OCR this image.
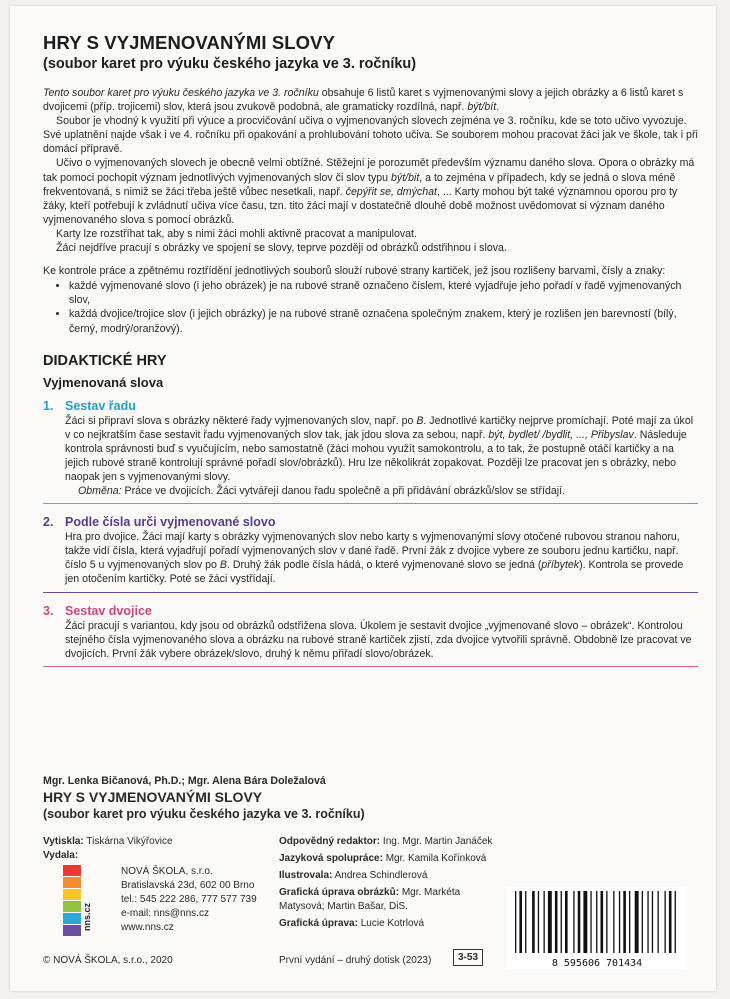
HRY S VYJMENOVANÝMI SLOVY
(soubor karet pro výuku českého jazyka ve 3. ročníku)

Tento soubor karet pro výuku českého jazyka ve 3. ročníku obsahuje 6 listů karet s vyjmenovanými slovy a jejich obrázky a 6 listů karet s dvojicemi (příp. trojicemi) slov, která jsou zvukově podobná, ale gramaticky rozdílná, např. být/bít.

Soubor je vhodný k využití při výuce a procvičování učiva o vyjmenovaných slovech zejména ve 3. ročníku, kde se toto učivo vyvozuje. Své uplatnění najde však i ve 4. ročníku při opakování a prohlubování tohoto učiva. Se souborem mohou pracovat žáci jak ve škole, tak i při domácí přípravě.

Učivo o vyjmenovaných slovech je obecně velmi obtížné. Stěžejní je porozumět především významu daného slova. Opora o obrázky má tak pomoci pochopit význam jednotlivých vyjmenovaných slov či slov typu být/bit, a to zejména v případech, kdy se jedná o slova méně frekventovaná, s nimiž se žáci třeba ještě vůbec nesetkali, např. čepýřit se, dmýchat, ... Karty mohou být také významnou oporou pro ty žáky, kteří potřebují k zvládnutí učiva více času, tzn. tito žáci mají v dostatečně dlouhé době možnost uvědomovat si význam daného vyjmenovaného slova s pomocí obrázků.

Karty lze rozstříhat tak, aby s nimi žáci mohli aktivně pracovat a manipulovat.

Žáci nejdříve pracují s obrázky ve spojení se slovy, teprve později od obrázků odstřihnou i slova.

Ke kontrole práce a zpětnému roztřídění jednotlivých souborů slouží rubové strany kartiček, jež jsou rozlišeny barvami, čísly a znaky:

• každé vyjmenované slovo (i jeho obrázek) je na rubové straně označeno číslem, které vyjadřuje jeho pořadí v řadě vyjmenovaných slov,
• každá dvojice/trojice slov (i jejich obrázky) je na rubové straně označena společným znakem, který je rozlišen jen barevností (bílý, černý, modrý/oranžový).
DIDAKTICKÉ HRY
Vyjmenovaná slova
1. Sestav řadu

Žáci si připraví slova s obrázky některé řady vyjmenovaných slov, např. po B. Jednotlivé kartičky nejprve promíchají. Poté mají za úkol v co nejkratším čase sestavit řadu vyjmenovaných slov tak, jak jdou slova za sebou, např. být, bydlet/ /bydlit, ..., Přibyslav. Následuje kontrola správnosti buď s vyučujícím, nebo samostatně (žáci mohou využít samokontrolu, a to tak, že postupně otáčí kartičky a na jejich rubové straně kontrolují správné pořadí slov/obrázků). Hru lze několikrát zopakovat. Později lze pracovat jen s obrázky, nebo naopak jen s vyjmenovanými slovy.

Obměna: Práce ve dvojicích. Žáci vytvářejí danou řadu společně a při přidávání obrázků/slov se střídají.

2. Podle čísla urči vyjmenované slovo

Hra pro dvojice. Žáci mají karty s obrázky vyjmenovaných slov nebo karty s vyjmenovanými slovy otočené rubovou stranou nahoru, takže vidí čísla, která vyjadřují pořadí vyjmenovaných slov v dané řadě. První žák z dvojice vybere ze souboru jednu kartičku, např. číslo 5 u vyjmenovaných slov po B. Druhý žák podle čísla hádá, o které vyjmenované slovo se jedná (příbytek). Kontrola se provede jen otočením kartičky. Poté se žáci vystřídají.

3. Sestav dvojice

Žáci pracují s variantou, kdy jsou od obrázků odstřižena slova. Úkolem je sestavit dvojice „vyjmenované slovo – obrázek“. Kontrolou stejného čísla vyjmenovaného slova a obrázku na rubové straně kartiček zjistí, zda dvojice vytvořili správně. Obdobně lze pracovat ve dvojicích. První žák vybere obrázek/slovo, druhý k němu přiřadí slovo/obrázek.

Mgr. Lenka Bičanová, Ph.D.; Mgr. Alena Bára Doležalová
HRY S VYJMENOVANÝMI SLOVY
(soubor karet pro výuku českého jazyka ve 3. ročníku)
Vytiskla: Tiskárna Vikýřovice
Vydala:
nns.cz
NOVÁ ŠKOLA, s.r.o.
Bratislavská 23d, 602 00 Brno
tel.: 545 222 286, 777 577 739
e-mail: nns@nns.cz
www.nns.cz
Odpovědný redaktor: Ing. Mgr. Martin Janáček
Jazyková spolupráce: Mgr. Kamila Kořínková
Ilustrovala: Andrea Schindlerová
Grafická úprava obrázků: Mgr. Markéta Matysová; Martin Bašar, DiS.
Grafická úprava: Lucie Kotrlová
8 595606 701434
© NOVÁ ŠKOLA, s.r.o., 2020	První vydání – druhý dotisk (2023)	3-53
